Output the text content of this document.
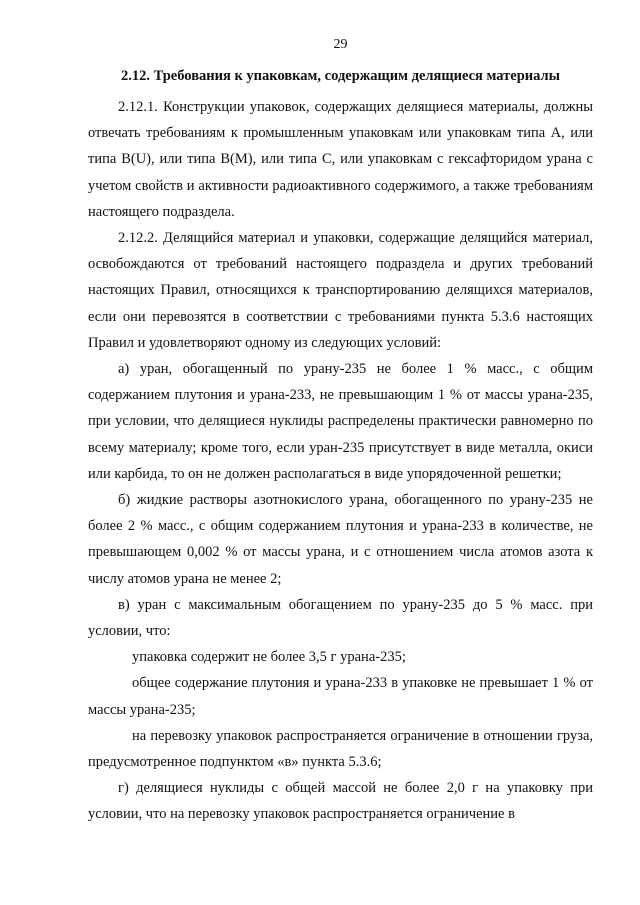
29
2.12. Требования к упаковкам, содержащим делящиеся материалы

2.12.1. Конструкции упаковок, содержащих делящиеся материалы, должны отвечать требованиям к промышленным упаковкам или упаковкам типа A, или типа B(U), или типа B(M), или типа C, или упаковкам с гексафторидом урана с учетом свойств и активности радиоактивного содержимого, а также требованиям настоящего подраздела.

2.12.2. Делящийся материал и упаковки, содержащие делящийся материал, освобождаются от требований настоящего подраздела и других требований настоящих Правил, относящихся к транспортированию делящихся материалов, если они перевозятся в соответствии с требованиями пункта 5.3.6 настоящих Правил и удовлетворяют одному из следующих условий:

а) уран, обогащенный по урану-235 не более 1 % масс., с общим содержанием плутония и урана-233, не превышающим 1 % от массы урана-235, при условии, что делящиеся нуклиды распределены практически равномерно по всему материалу; кроме того, если уран-235 присутствует в виде металла, окиси или карбида, то он не должен располагаться в виде упорядоченной решетки;

б) жидкие растворы азотнокислого урана, обогащенного по урану-235 не более 2 % масс., с общим содержанием плутония и урана-233 в количестве, не превышающем 0,002 % от массы урана, и с отношением числа атомов азота к числу атомов урана не менее 2;

в) уран с максимальным обогащением по урану-235 до 5 % масс. при условии, что:

упаковка содержит не более 3,5 г урана-235;

общее содержание плутония и урана-233 в упаковке не превышает 1 % от массы урана-235;

на перевозку упаковок распространяется ограничение в отношении груза, предусмотренное подпунктом «в» пункта 5.3.6;

г) делящиеся нуклиды с общей массой не более 2,0 г на упаковку при условии, что на перевозку упаковок распространяется ограничение в
